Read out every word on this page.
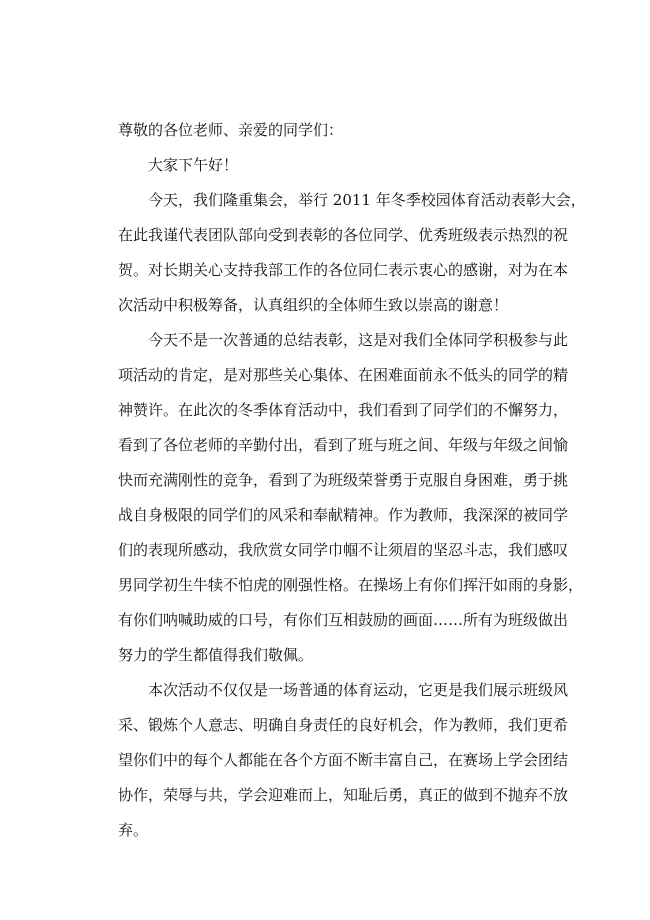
尊敬的各位老师、亲爱的同学们：

大家下午好！

今天，我们隆重集会，举行 2011 年冬季校园体育活动表彰大会，

在此我谨代表团队部向受到表彰的各位同学、优秀班级表示热烈的祝

贺。对长期关心支持我部工作的各位同仁表示衷心的感谢，对为在本

次活动中积极筹备，认真组织的全体师生致以崇高的谢意！

今天不是一次普通的总结表彰，这是对我们全体同学积极参与此

项活动的肯定，是对那些关心集体、在困难面前永不低头的同学的精

神赞许。在此次的冬季体育活动中，我们看到了同学们的不懈努力，

看到了各位老师的辛勤付出，看到了班与班之间、年级与年级之间愉

快而充满刚性的竞争，看到了为班级荣誉勇于克服自身困难，勇于挑

战自身极限的同学们的风采和奉献精神。作为教师，我深深的被同学

们的表现所感动，我欣赏女同学巾帼不让须眉的坚忍斗志，我们感叹

男同学初生牛犊不怕虎的刚强性格。在操场上有你们挥汗如雨的身影，

有你们呐喊助威的口号，有你们互相鼓励的画面……所有为班级做出

努力的学生都值得我们敬佩。

本次活动不仅仅是一场普通的体育运动，它更是我们展示班级风

采、锻炼个人意志、明确自身责任的良好机会，作为教师，我们更希

望你们中的每个人都能在各个方面不断丰富自己，在赛场上学会团结

协作，荣辱与共，学会迎难而上，知耻后勇，真正的做到不抛弃不放

弃。
